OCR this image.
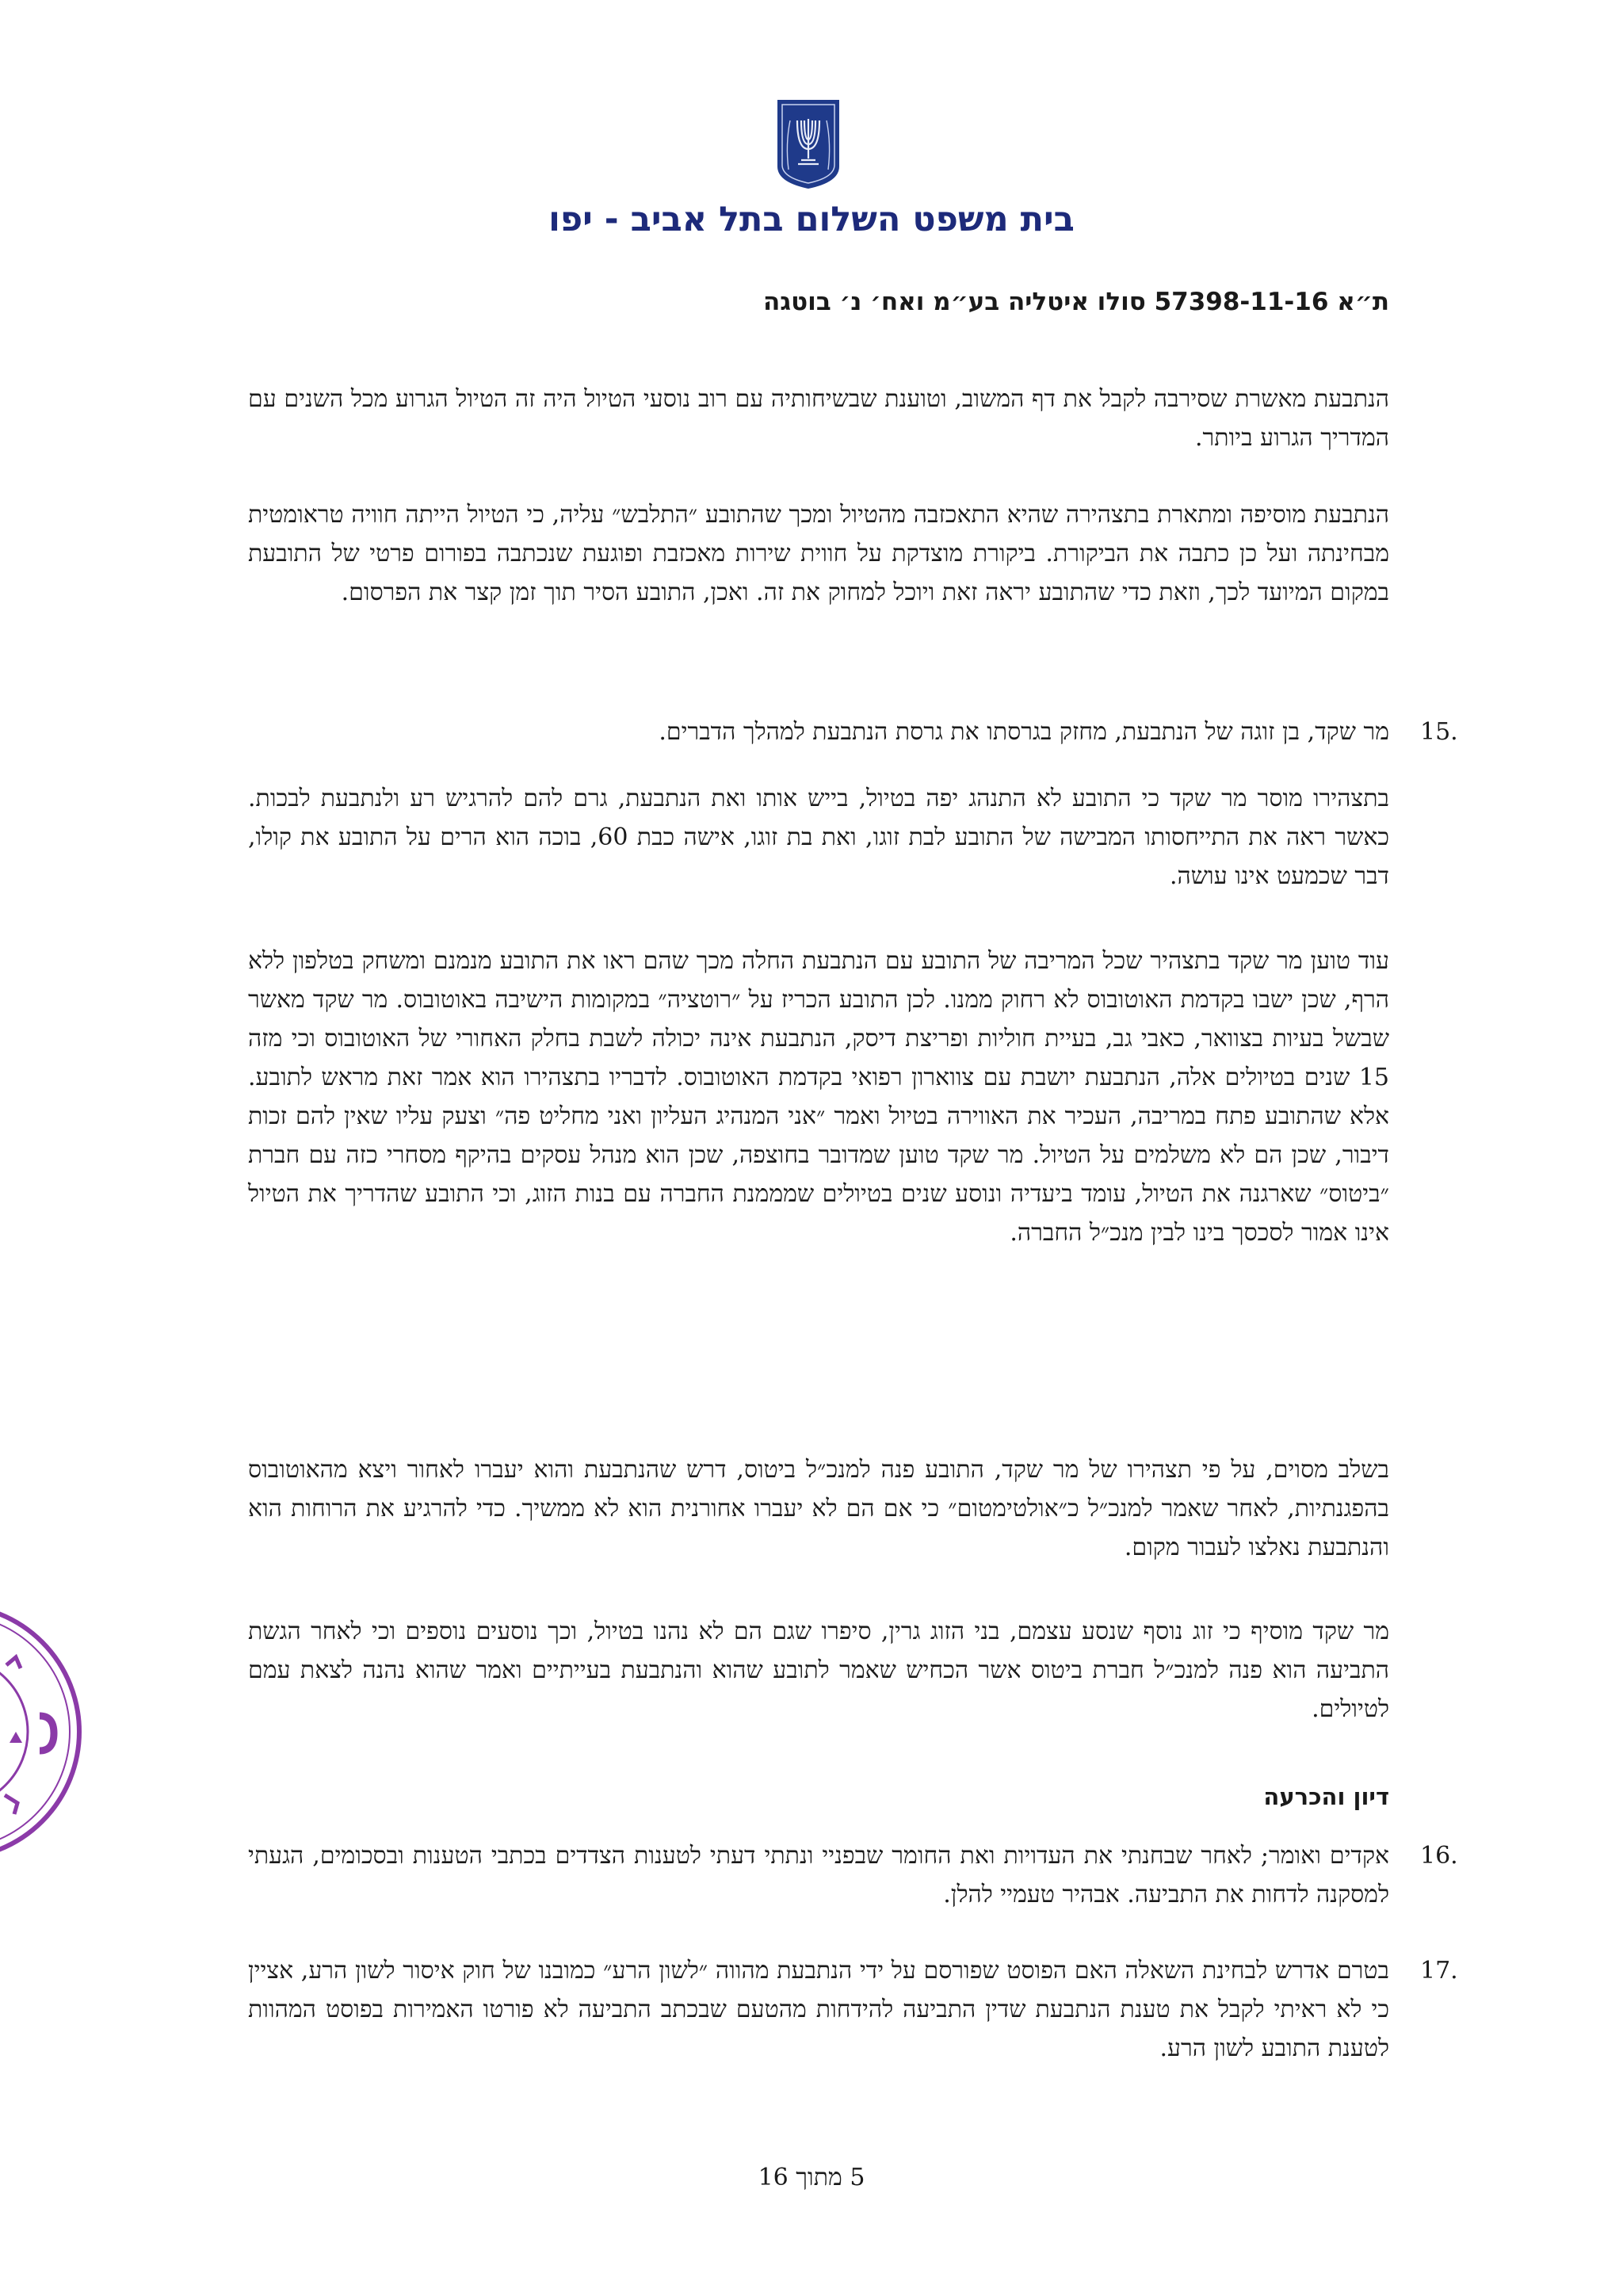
בית משפט השלום בתל אביב - יפו

ת״א 57398-11-16 סולו איטליה בע״מ ואח׳ נ׳ בוטגה

הנתבעת מאשרת שסירבה לקבל את דף המשוב, וטוענת שבשיחותיה עם רוב נוסעי הטיול היה זה הטיול הגרוע מכל השנים עם המדריך הגרוע ביותר.

הנתבעת מוסיפה ומתארת בתצהירה שהיא התאכזבה מהטיול ומכך שהתובע ״התלבש״ עליה, כי הטיול הייתה חוויה טראומטית מבחינתה ועל כן כתבה את הביקורת. ביקורת מוצדקת על חווית שירות מאכזבת ופוגעת שנכתבה בפורום פרטי של התובעת במקום המיועד לכך, וזאת כדי שהתובע יראה זאת ויוכל למחוק את זה. ואכן, התובע הסיר תוך זמן קצר את הפרסום.

15.

מר שקד, בן זוגה של הנתבעת, מחזק בגרסתו את גרסת הנתבעת למהלך הדברים.

בתצהירו מוסר מר שקד כי התובע לא התנהג יפה בטיול, בייש אותו ואת הנתבעת, גרם להם להרגיש רע ולנתבעת לבכות. כאשר ראה את התייחסותו המבישה של התובע לבת זוגו, ואת בת זוגו, אישה כבת 60, בוכה הוא הרים על התובע את קולו, דבר שכמעט אינו עושה.

עוד טוען מר שקד בתצהיר שכל המריבה של התובע עם הנתבעת החלה מכך שהם ראו את התובע מנמנם ומשחק בטלפון ללא הרף, שכן ישבו בקדמת האוטובוס לא רחוק ממנו. לכן התובע הכריז על ״רוטציה״ במקומות הישיבה באוטובוס. מר שקד מאשר שבשל בעיות בצוואר, כאבי גב, בעיית חוליות ופריצת דיסק, הנתבעת אינה יכולה לשבת בחלק האחורי של האוטובוס וכי מזה 15 שנים בטיולים אלה, הנתבעת יושבת עם צווארון רפואי בקדמת האוטובוס. לדבריו בתצהירו הוא אמר זאת מראש לתובע. אלא שהתובע פתח במריבה, העכיר את האווירה בטיול ואמר ״אני המנהיג העליון ואני מחליט פה״ וצעק עליו שאין להם זכות דיבור, שכן הם לא משלמים על הטיול. מר שקד טוען שמדובר בחוצפה, שכן הוא מנהל עסקים בהיקף מסחרי כזה עם חברת ״ביטוס״ שארגנה את הטיול, עומד ביעדיה ונוסע שנים בטיולים שמממנת החברה עם בנות הזוג, וכי התובע שהדריך את הטיול אינו אמור לסכסך בינו לבין מנכ״ל החברה.

בשלב מסוים, על פי תצהירו של מר שקד, התובע פנה למנכ״ל ביטוס, דרש שהנתבעת והוא יעברו לאחור ויצא מהאוטובוס בהפגנתיות, לאחר שאמר למנכ״ל כ״אולטימטום״ כי אם הם לא יעברו אחורנית הוא לא ממשיך. כדי להרגיע את הרוחות הוא והנתבעת נאלצו לעבור מקום.

מר שקד מוסיף כי זוג נוסף שנסע עצמם, בני הזוג גרין, סיפרו שגם הם לא נהנו בטיול, וכך נוסעים נוספים וכי לאחר הגשת התביעה הוא פנה למנכ״ל חברת ביטוס אשר הכחיש שאמר לתובע שהוא והנתבעת בעייתיים ואמר שהוא נהנה לצאת עמם לטיולים.

דיון והכרעה

16.

אקדים ואומר; לאחר שבחנתי את העדויות ואת החומר שבפניי ונתתי דעתי לטענות הצדדים בכתבי הטענות ובסכומים, הגעתי למסקנה לדחות את התביעה. אבהיר טעמיי להלן.

17.

בטרם אדרש לבחינת השאלה האם הפוסט שפורסם על ידי הנתבעת מהווה ״לשון הרע״ כמובנו של חוק איסור לשון הרע, אציין כי לא ראיתי לקבל את טענת הנתבעת שדין התביעה להידחות מהטעם שבכתב התביעה לא פורטו האמירות בפוסט המהוות לטענת התובע לשון הרע.

5 מתוך 16
